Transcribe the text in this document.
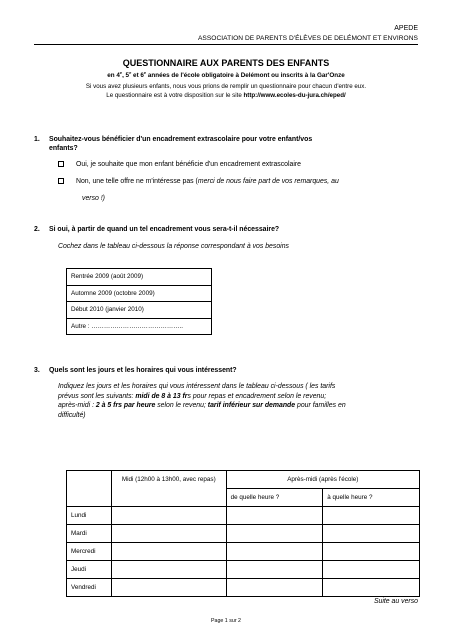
APEDE
ASSOCIATION DE PARENTS D'ÉLÈVES DE DELÉMONT ET ENVIRONS
QUESTIONNAIRE AUX PARENTS DES ENFANTS
en 4e, 5e et 6e années de l'école obligatoire à Delémont ou inscrits à la Gar'Onze
Si vous avez plusieurs enfants, nous vous prions de remplir un questionnaire pour chacun d'entre eux.
Le questionnaire est à votre disposition sur le site http://www.ecoles-du-jura.ch/eped/
1. Souhaitez-vous bénéficier d'un encadrement extrascolaire pour votre enfant/vos
enfants?
Oui, je souhaite que mon enfant bénéficie d'un encadrement extrascolaire
Non, une telle offre ne m'intéresse pas (merci de nous faire part de vos remarques, au
verso !)
2. Si oui, à partir de quand un tel encadrement vous sera-t-il nécessaire?
Cochez dans le tableau ci-dessous la réponse correspondant à vos besoins
Rentrée 2009 (août 2009)
Automne 2009 (octobre 2009)
Début 2010 (janvier 2010)
Autre : ……………………………………..
3. Quels sont les jours et les horaires qui vous intéressent?
Indiquez les jours et les horaires qui vous intéressent dans le tableau ci-dessous ( les tarifs
prévus sont les suivants: midi de 8 à 13 frs pour repas et encadrement selon le revenu;
après-midi : 2 à 5 frs par heure selon le revenu; tarif inférieur sur demande pour familles en
difficulté)
	Midi (12h00 à 13h00, avec repas)	Après-midi (après l'école)	
		de quelle heure ?	à quelle heure ?
Lundi			
Mardi			
Mercredi			
Jeudi			
Vendredi			
Suite au verso
Page 1 sur 2
